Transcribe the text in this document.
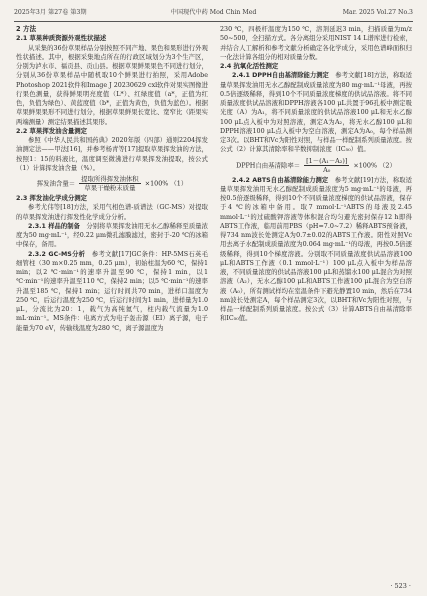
2025年3月 第27卷 第3期	中国现代中药 Mod Chin Med	Mar. 2025 Vol.27 No.3

2 方法

2.1 草果种质资源外观性状描述

从采集的36份草果样品分别按照不同产地、果色和果形进行外观性状描述。其中，根据采集地点所在的行政区域划分为3个生产区，分别为泸水市、福贡县、贡山县。根据草果鲜果果色不同进行划分，分别从36份草果样品中随机取10个鲜果进行拍照，采用Adobe Photoshop 2021软件和Image J 20230629 cxl软件对果实图像进行果色测量，获得鲜果明亮度值（L*）、红绿度值（a*，正值为红色，负值为绿色）、黄蓝度值（b*，正值为黄色，负值为蓝色）。根据草果鲜果果形不同进行划分，根据草果鲜果长宽比、宽窄比（距果实两端测量）测定结果描述其果形。

2.2 草果挥发油含量测定

参照《中华人民共和国药典》2020年版（四部）通则2204挥发油测定法——甲法[16]，并参考杨青等[17]提取草果挥发油的方法，按照1：15的料液比，温度调至微沸进行草果挥发油提取，按公式（1）计算挥发油含量（%）。

挥发油含量＝ $\frac{\text{提取所得挥发油体积}}{\text{草果干燥粉末质量}} \times 100\%$ （1）

2.3 挥发油化学成分测定

参考尤伟等[18]方法，采用气相色谱-质谱法（GC-MS）对提取的草果挥发油进行挥发性化学成分分析。

2.3.1 样品的制备　 分别将草果挥发油用无水乙醇稀释至质量浓度为50 mg·mL⁻¹，经0.22 μm微孔滤膜滤过，密封于-20 ℃的冰箱中保存，备用。

2.3.2 GC-MS分析　 参考文献[17]GC条件：HP-5MS石英毛细管柱（30 m×0.25 mm，0.25 μm），初始柱温为60 ℃，保持1 min；以2 ℃·min⁻¹的速率升温至90 ℃，保持1 min，以1 ℃·min⁻¹的速率升温至110 ℃，保持2 min；以5 ℃·min⁻¹的速率升温至185 ℃，保持1 min；运行时间共70 min，进样口温度为250 ℃，后运行温度为250 ℃，后运行时间为1 min，进样量为1.0 μL，分流比为20：1，载气为高纯氦气，柱内载气流量为1.0 mL·min⁻¹。MS条件：电离方式为电子轰击源（EI）离子源，电子能量为70 eV，传输线温度为280 ℃，离子源温度为

230 ℃，四极杆温度为150 ℃，溶剂延迟3 min，扫描质量为m/z 50~500，全扫描方式。各分离组分采用NIST 14 L谱库进行检索，并结合人工解析和参考文献分析确定各化学成分，采用色谱峰面积归一化法计算各组分的相对质量分数。

2.4 抗氧化活性测定

2.4.1 DPPH自由基清除能力测定　 参考文献[18]方法，称取适量草果挥发油用无水乙醇配制成质量浓度为80 mg·mL⁻¹母液，再按0.5倍逐级稀释，得到10个不同质量浓度梯度的供试品溶液。将不同质量浓度供试品溶液和DPPH溶液各100 μL共置于96孔板中测定吸光度（A）为A₁，将不同质量浓度的供试品溶液100 μL和无水乙醇100 μL点入板中为对照溶液，测定A为A₂，将无水乙醇100 μL和DPPH溶液100 μL点入板中为空白溶液，测定A为A₀，每个样品测定3次。以BHT和Vc为阳性对照，与样品一样配制系列质量浓度。按公式（2）计算其清除率和半数抑制浓度（IC₅₀）值。

DPPH自由基清除率＝ $\frac{\text{[1－(A₁－A₂)]}}{\text{A₀}} \times 100\%$ （2）

2.4.2 ABTS自由基清除能力测定　 参考文献[19]方法，称取适量草果挥发油用无水乙醇配制成质量浓度为5 mg·mL⁻¹的母液，再按0.5倍逐级稀释，得到10个不同质量浓度梯度的供试品溶液，保存于4 ℃的冰箱中备用。取7 mmol·L⁻¹ABTS的母液及2.45 mmol·L⁻¹的过硫酸钾溶液等体积混合均匀避光密封保存12 h即得ABTS工作液，临用前用PBS（pH=7.0~7.2）稀释ABTS预备液，得734 nm波长处测定A为0.7±0.02的ABTS工作液。阳性对照Vc用去离子水配制成质量浓度为0.064 mg·mL⁻¹的母液，再按0.5倍逐级稀释，得到10个梯度溶液。分别取不同质量浓度供试品溶液100 μL和ABTS工作液（0.1 mmol·L⁻¹）100 μL点入板中为样品溶液，不同质量浓度的供试品溶液100 μL和蒸馏水100 μL混合为对照溶液（A₂），无水乙醇100 μL和ABTS工作液100 μL混合为空白溶液（A₀），所有测试样均在室温条件下避光静置10 min，然后在734 nm波长处测定A，每个样品测定3次，以BHT和Vc为阳性对照，与样品一样配制系列质量浓度。按公式（3）计算ABTS自由基清除率和IC₅₀值。

· 523 ·
